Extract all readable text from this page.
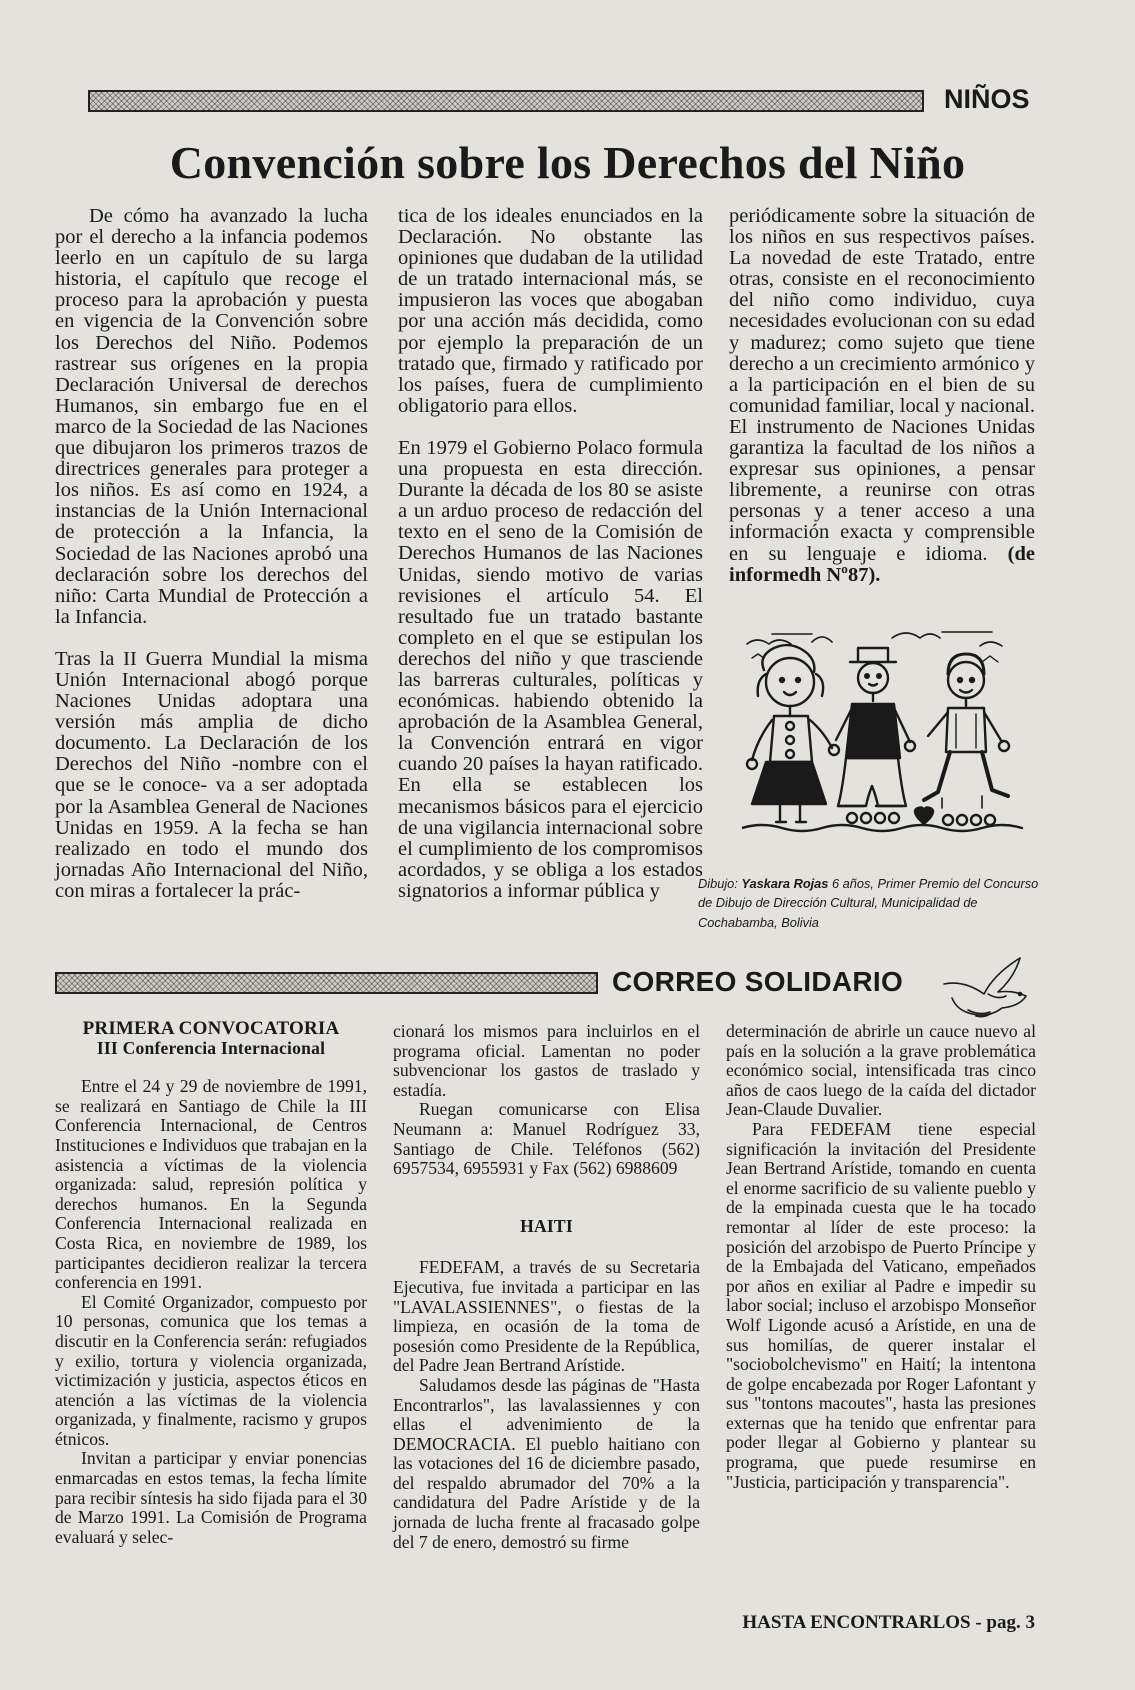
NIÑOS
Convención sobre los Derechos del Niño

De cómo ha avanzado la lucha por el derecho a la infancia podemos leerlo en un capítulo de su larga historia, el capítulo que recoge el proceso para la aprobación y puesta en vigencia de la Convención sobre los Derechos del Niño. Podemos rastrear sus orígenes en la propia Declaración Universal de derechos Humanos, sin embargo fue en el marco de la Sociedad de las Naciones que dibujaron los primeros trazos de directrices generales para proteger a los niños. Es así como en 1924, a instancias de la Unión Internacional de protección a la Infancia, la Sociedad de las Naciones aprobó una declaración sobre los derechos del niño: Carta Mundial de Protección a la Infancia.

Tras la II Guerra Mundial la misma Unión Internacional abogó porque Naciones Unidas adoptara una versión más amplia de dicho documento. La Declaración de los Derechos del Niño -nombre con el que se le conoce- va a ser adoptada por la Asamblea General de Naciones Unidas en 1959. A la fecha se han realizado en todo el mundo dos jornadas Año Internacional del Niño, con miras a fortalecer la prác-

tica de los ideales enunciados en la Declaración. No obstante las opiniones que dudaban de la utilidad de un tratado internacional más, se impusieron las voces que abogaban por una acción más decidida, como por ejemplo la preparación de un tratado que, firmado y ratificado por los países, fuera de cumplimiento obligatorio para ellos.

En 1979 el Gobierno Polaco formula una propuesta en esta dirección. Durante la década de los 80 se asiste a un arduo proceso de redacción del texto en el seno de la Comisión de Derechos Humanos de las Naciones Unidas, siendo motivo de varias revisiones el artículo 54. El resultado fue un tratado bastante completo en el que se estipulan los derechos del niño y que trasciende las barreras culturales, políticas y económicas. habiendo obtenido la aprobación de la Asamblea General, la Convención entrará en vigor cuando 20 países la hayan ratificado. En ella se establecen los mecanismos básicos para el ejercicio de una vigilancia internacional sobre el cumplimiento de los compromisos acordados, y se obliga a los estados signatorios a informar pública y

periódicamente sobre la situación de los niños en sus respectivos países. La novedad de este Tratado, entre otras, consiste en el reconocimiento del niño como individuo, cuya necesidades evolucionan con su edad y madurez; como sujeto que tiene derecho a un crecimiento armónico y a la participación en el bien de su comunidad familiar, local y nacional. El instrumento de Naciones Unidas garantiza la facultad de los niños a expresar sus opiniones, a pensar libremente, a reunirse con otras personas y a tener acceso a una información exacta y comprensible en su lenguaje e idioma. (de informedh Nº87).

Dibujo: Yaskara Rojas 6 años, Primer Premio del Concurso de Dibujo de Dirección Cultural, Municipalidad de Cochabamba, Bolivia
CORREO SOLIDARIO

PRIMERA CONVOCATORIA

III Conferencia Internacional

Entre el 24 y 29 de noviembre de 1991, se realizará en Santiago de Chile la III Conferencia Internacional, de Centros Instituciones e Individuos que trabajan en la asistencia a víctimas de la violencia organizada: salud, represión política y derechos humanos. En la Segunda Conferencia Internacional realizada en Costa Rica, en noviembre de 1989, los participantes decidieron realizar la tercera conferencia en 1991.

El Comité Organizador, compuesto por 10 personas, comunica que los temas a discutir en la Conferencia serán: refugiados y exilio, tortura y violencia organizada, victimización y justicia, aspectos éticos en atención a las víctimas de la violencia organizada, y finalmente, racismo y grupos étnicos.

Invitan a participar y enviar ponencias enmarcadas en estos temas, la fecha límite para recibir síntesis ha sido fijada para el 30 de Marzo 1991. La Comisión de Programa evaluará y selec-

cionará los mismos para incluirlos en el programa oficial. Lamentan no poder subvencionar los gastos de traslado y estadía.

Ruegan comunicarse con Elisa Neumann a: Manuel Rodríguez 33, Santiago de Chile. Teléfonos (562) 6957534, 6955931 y Fax (562) 6988609

HAITI

FEDEFAM, a través de su Secretaria Ejecutiva, fue invitada a participar en las "LAVALASSIENNES", o fiestas de la limpieza, en ocasión de la toma de posesión como Presidente de la República, del Padre Jean Bertrand Arístide.

Saludamos desde las páginas de "Hasta Encontrarlos", las lavalassiennes y con ellas el advenimiento de la DEMOCRACIA. El pueblo haitiano con las votaciones del 16 de diciembre pasado, del respaldo abrumador del 70% a la candidatura del Padre Arístide y de la jornada de lucha frente al fracasado golpe del 7 de enero, demostró su firme

determinación de abrirle un cauce nuevo al país en la solución a la grave problemática económico social, intensificada tras cinco años de caos luego de la caída del dictador Jean-Claude Duvalier.

Para FEDEFAM tiene especial significación la invitación del Presidente Jean Bertrand Arístide, tomando en cuenta el enorme sacrificio de su valiente pueblo y de la empinada cuesta que le ha tocado remontar al líder de este proceso: la posición del arzobispo de Puerto Príncipe y de la Embajada del Vaticano, empeñados por años en exiliar al Padre e impedir su labor social; incluso el arzobispo Monseñor Wolf Ligonde acusó a Arístide, en una de sus homilías, de querer instalar el "sociobolchevismo" en Haití; la intentona de golpe encabezada por Roger Lafontant y sus "tontons macoutes", hasta las presiones externas que ha tenido que enfrentar para poder llegar al Gobierno y plantear su programa, que puede resumirse en "Justicia, participación y transparencia".

HASTA ENCONTRARLOS - pag. 3
